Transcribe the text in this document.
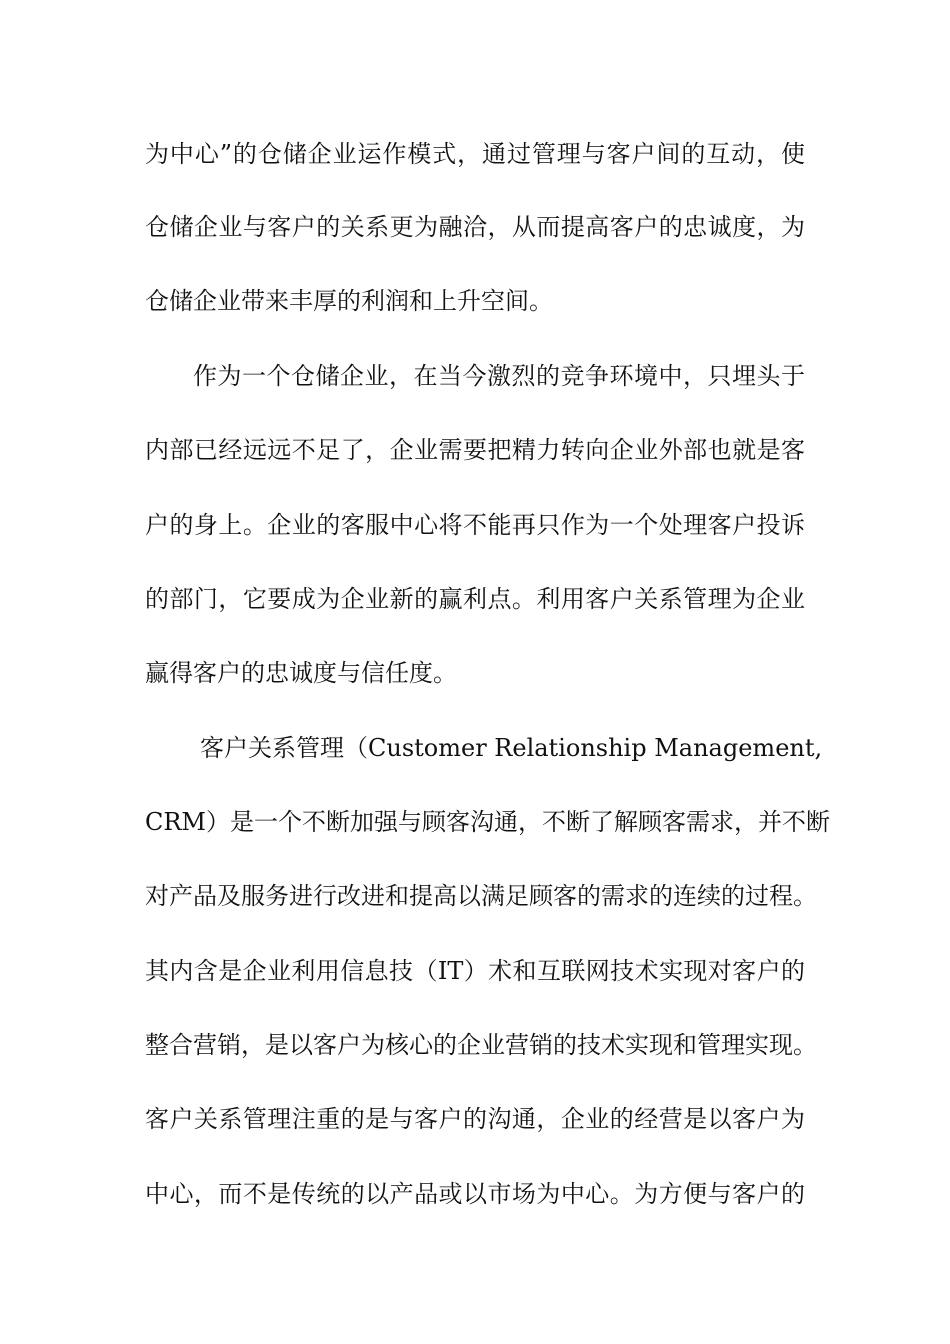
为中心”的仓储企业运作模式，通过管理与客户间的互动，使
仓储企业与客户的关系更为融洽，从而提高客户的忠诚度，为
仓储企业带来丰厚的利润和上升空间。
作为一个仓储企业，在当今激烈的竞争环境中，只埋头于
内部已经远远不足了，企业需要把精力转向企业外部也就是客
户的身上。企业的客服中心将不能再只作为一个处理客户投诉
的部门，它要成为企业新的赢利点。利用客户关系管理为企业
赢得客户的忠诚度与信任度。
客户关系管理（Customer Relationship Management,
CRM）是一个不断加强与顾客沟通，不断了解顾客需求，并不断
对产品及服务进行改进和提高以满足顾客的需求的连续的过程。
其内含是企业利用信息技（IT）术和互联网技术实现对客户的
整合营销，是以客户为核心的企业营销的技术实现和管理实现。
客户关系管理注重的是与客户的沟通，企业的经营是以客户为
中心，而不是传统的以产品或以市场为中心。为方便与客户的
